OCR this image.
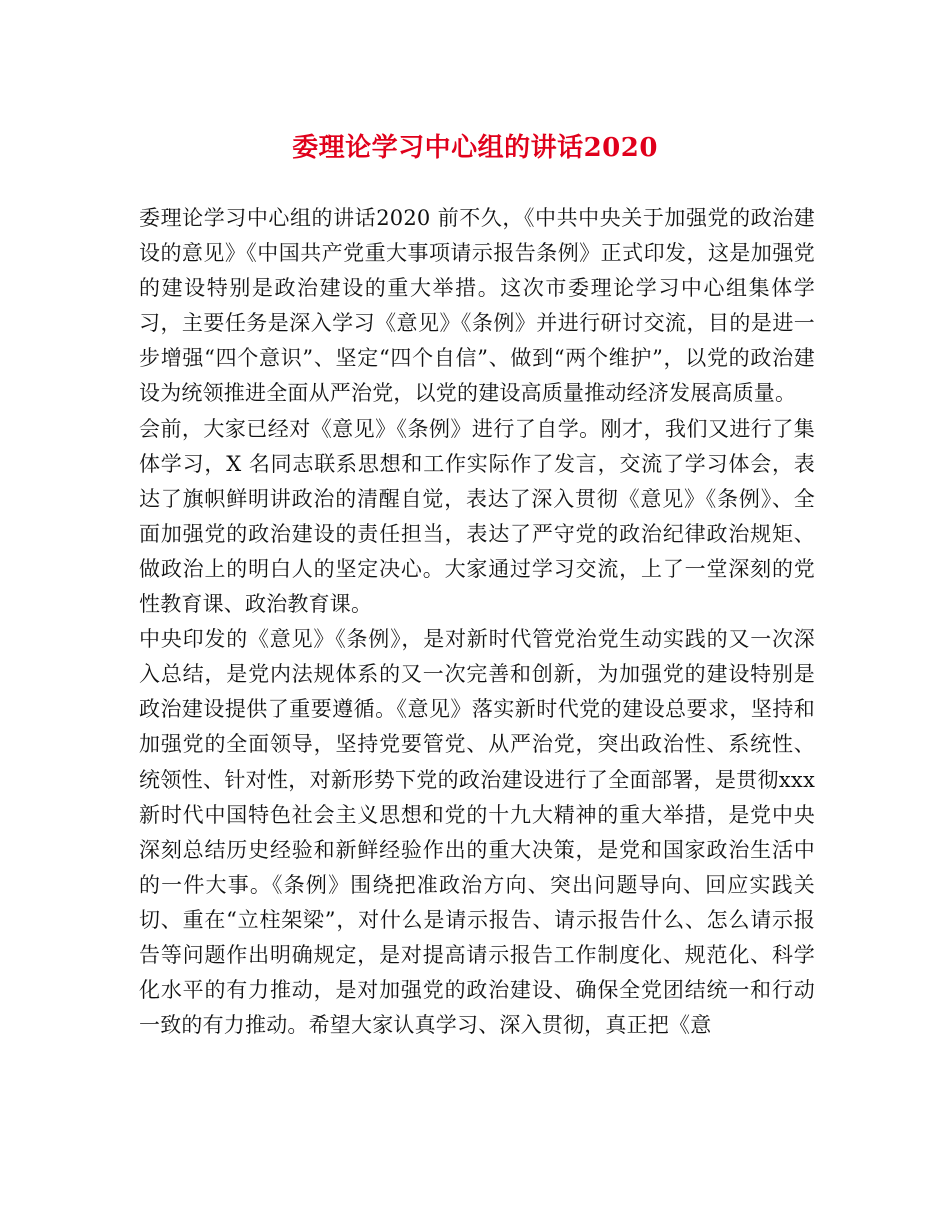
委理论学习中心组的讲话2020

委理论学习中心组的讲话2020 前不久，《中共中央关于加强党的政治建设的意见》《中国共产党重大事项请示报告条例》正式印发，这是加强党的建设特别是政治建设的重大举措。这次市委理论学习中心组集体学习，主要任务是深入学习《意见》《条例》并进行研讨交流，目的是进一步增强“四个意识”、坚定“四个自信”、做到“两个维护”，以党的政治建设为统领推进全面从严治党，以党的建设高质量推动经济发展高质量。

会前，大家已经对《意见》《条例》进行了自学。刚才，我们又进行了集体学习，X 名同志联系思想和工作实际作了发言，交流了学习体会，表达了旗帜鲜明讲政治的清醒自觉，表达了深入贯彻《意见》《条例》、全面加强党的政治建设的责任担当，表达了严守党的政治纪律政治规矩、做政治上的明白人的坚定决心。大家通过学习交流，上了一堂深刻的党性教育课、政治教育课。

中央印发的《意见》《条例》，是对新时代管党治党生动实践的又一次深入总结，是党内法规体系的又一次完善和创新，为加强党的建设特别是政治建设提供了重要遵循。《意见》落实新时代党的建设总要求，坚持和加强党的全面领导，坚持党要管党、从严治党，突出政治性、系统性、统领性、针对性，对新形势下党的政治建设进行了全面部署，是贯彻xxx新时代中国特色社会主义思想和党的十九大精神的重大举措，是党中央深刻总结历史经验和新鲜经验作出的重大决策，是党和国家政治生活中的一件大事。《条例》围绕把准政治方向、突出问题导向、回应实践关切、重在“立柱架梁”，对什么是请示报告、请示报告什么、怎么请示报告等问题作出明确规定，是对提高请示报告工作制度化、规范化、科学化水平的有力推动，是对加强党的政治建设、确保全党团结统一和行动一致的有力推动。希望大家认真学习、深入贯彻，真正把《意
